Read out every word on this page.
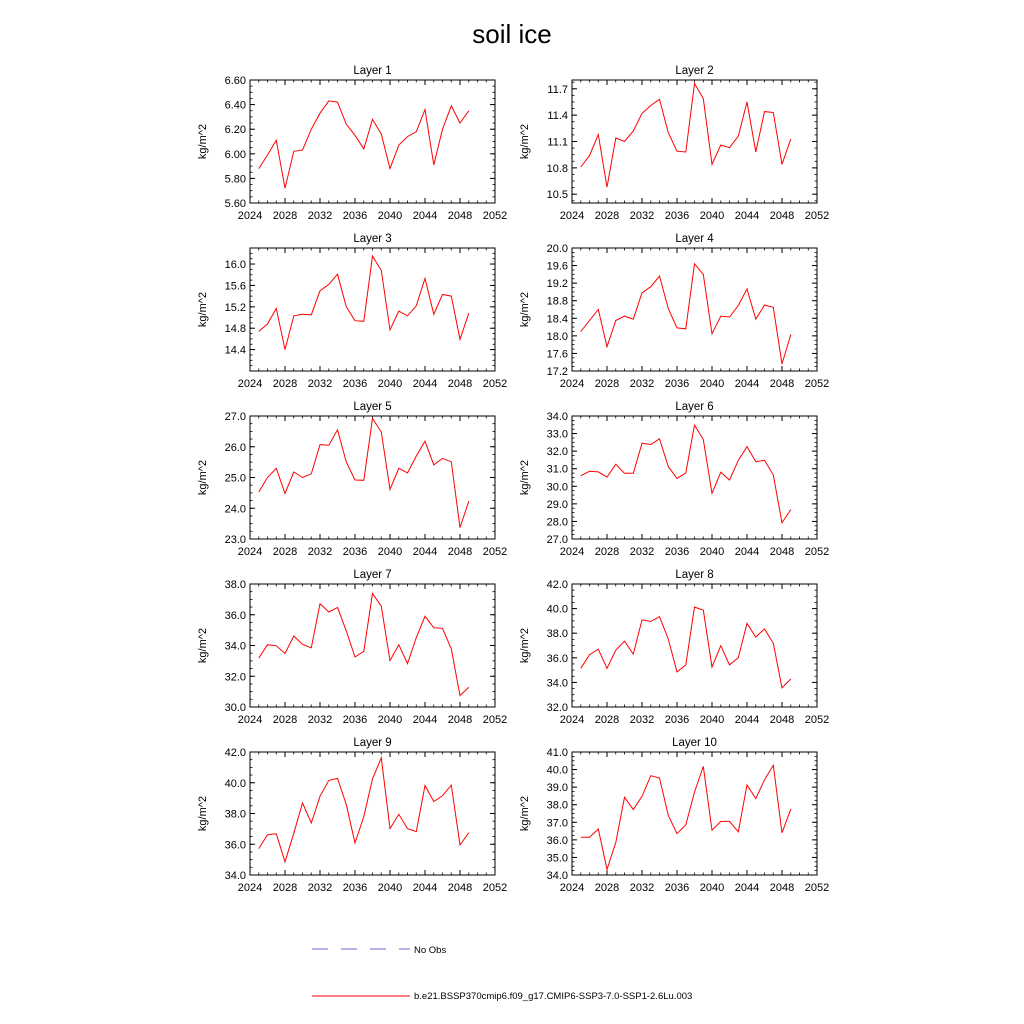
soil ice
Layer 1
kg/m^2
5.60
5.80
6.00
6.20
6.40
6.60
2024 2028 2032 2036 2040 2044 2048 2052
Layer 2
kg/m^2
10.5
10.8
11.1
11.4
11.7
2024 2028 2032 2036 2040 2044 2048 2052
Layer 3
kg/m^2
14.4
14.8
15.2
15.6
16.0
2024 2028 2032 2036 2040 2044 2048 2052
Layer 4
kg/m^2
17.2
17.6
18.0
18.4
18.8
19.2
19.6
20.0
2024 2028 2032 2036 2040 2044 2048 2052
Layer 5
kg/m^2
23.0
24.0
25.0
26.0
27.0
2024 2028 2032 2036 2040 2044 2048 2052
Layer 6
kg/m^2
27.0
28.0
29.0
30.0
31.0
32.0
33.0
34.0
2024 2028 2032 2036 2040 2044 2048 2052
Layer 7
kg/m^2
30.0
32.0
34.0
36.0
38.0
2024 2028 2032 2036 2040 2044 2048 2052
Layer 8
kg/m^2
32.0
34.0
36.0
38.0
40.0
42.0
2024 2028 2032 2036 2040 2044 2048 2052
Layer 9
kg/m^2
34.0
36.0
38.0
40.0
42.0
2024 2028 2032 2036 2040 2044 2048 2052
Layer 10
kg/m^2
34.0
35.0
36.0
37.0
38.0
39.0
40.0
41.0
2024 2028 2032 2036 2040 2044 2048 2052
No Obs
b.e21.BSSP370cmip6.f09_g17.CMIP6-SSP3-7.0-SSP1-2.6Lu.003
